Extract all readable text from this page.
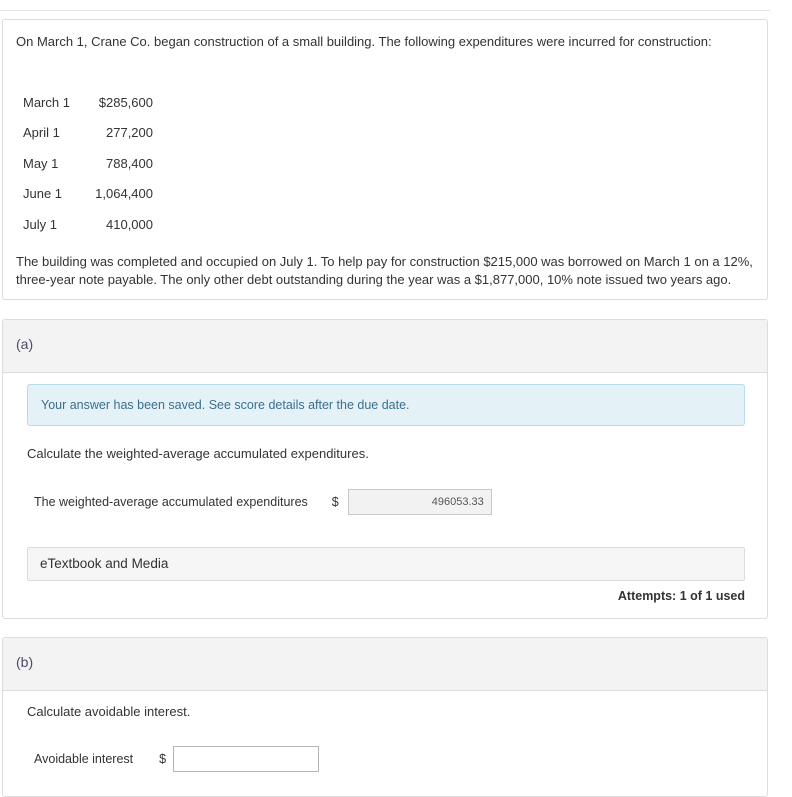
On March 1, Crane Co. began construction of a small building. The following expenditures were incurred for construction:
March 1	$285,600
April 1	277,200
May 1	788,400
June 1	1,064,400
July 1	410,000
The building was completed and occupied on July 1. To help pay for construction $215,000 was borrowed on March 1 on a 12%, three-year note payable. The only other debt outstanding during the year was a $1,877,000, 10% note issued two years ago.
(a)
Your answer has been saved. See score details after the due date.
Calculate the weighted-average accumulated expenditures.
The weighted-average accumulated expenditures $
496053.33
eTextbook and Media
Attempts: 1 of 1 used
(b)
Calculate avoidable interest.
Avoidable interest $
